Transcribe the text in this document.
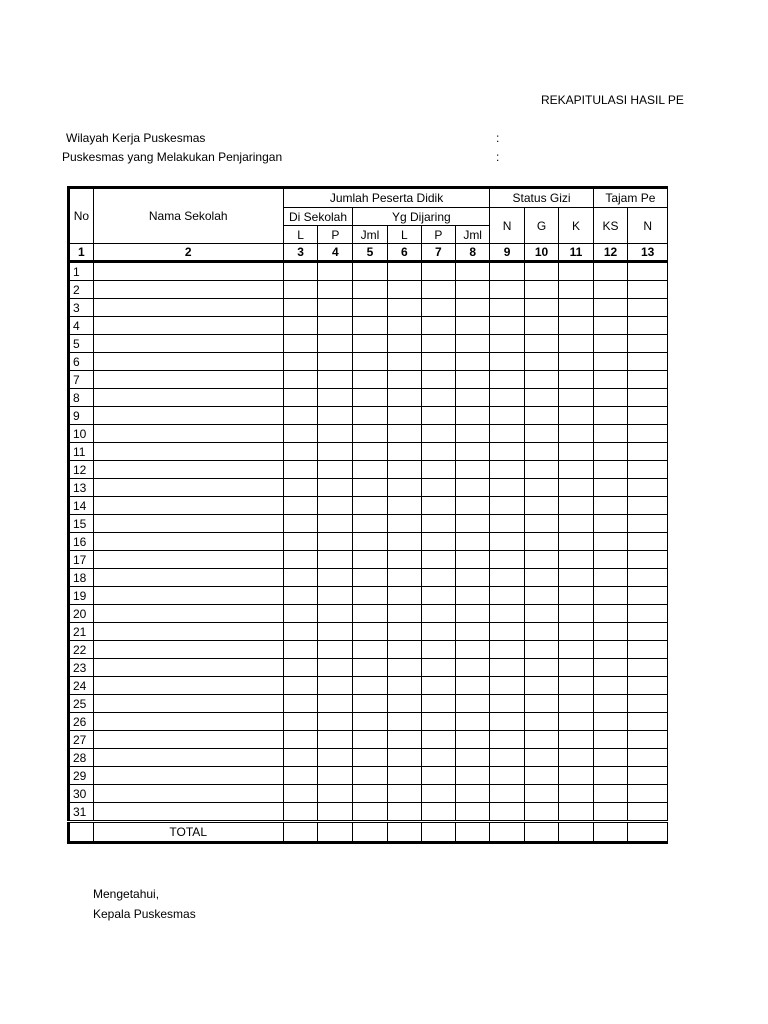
REKAPITULASI HASIL PE
Wilayah Kerja Puskesmas	:
Puskesmas yang Melakukan Penjaringan	:
No	Nama Sekolah	Jumlah Peserta Didik						Status Gizi			Tajam Pe	
		Di Sekolah		Yg Dijaring				N	G	K	KS	N
		L	P	Jml	L	P	Jml					
1	2	3	4	5	6	7	8	9	10	11	12	13
1												
2												
3												
4												
5												
6												
7												
8												
9												
10												
11												
12												
13												
14												
15												
16												
17												
18												
19												
20												
21												
22												
23												
24												
25												
26												
27												
28												
29												
30												
31												
	TOTAL											
Mengetahui,
Kepala Puskesmas
